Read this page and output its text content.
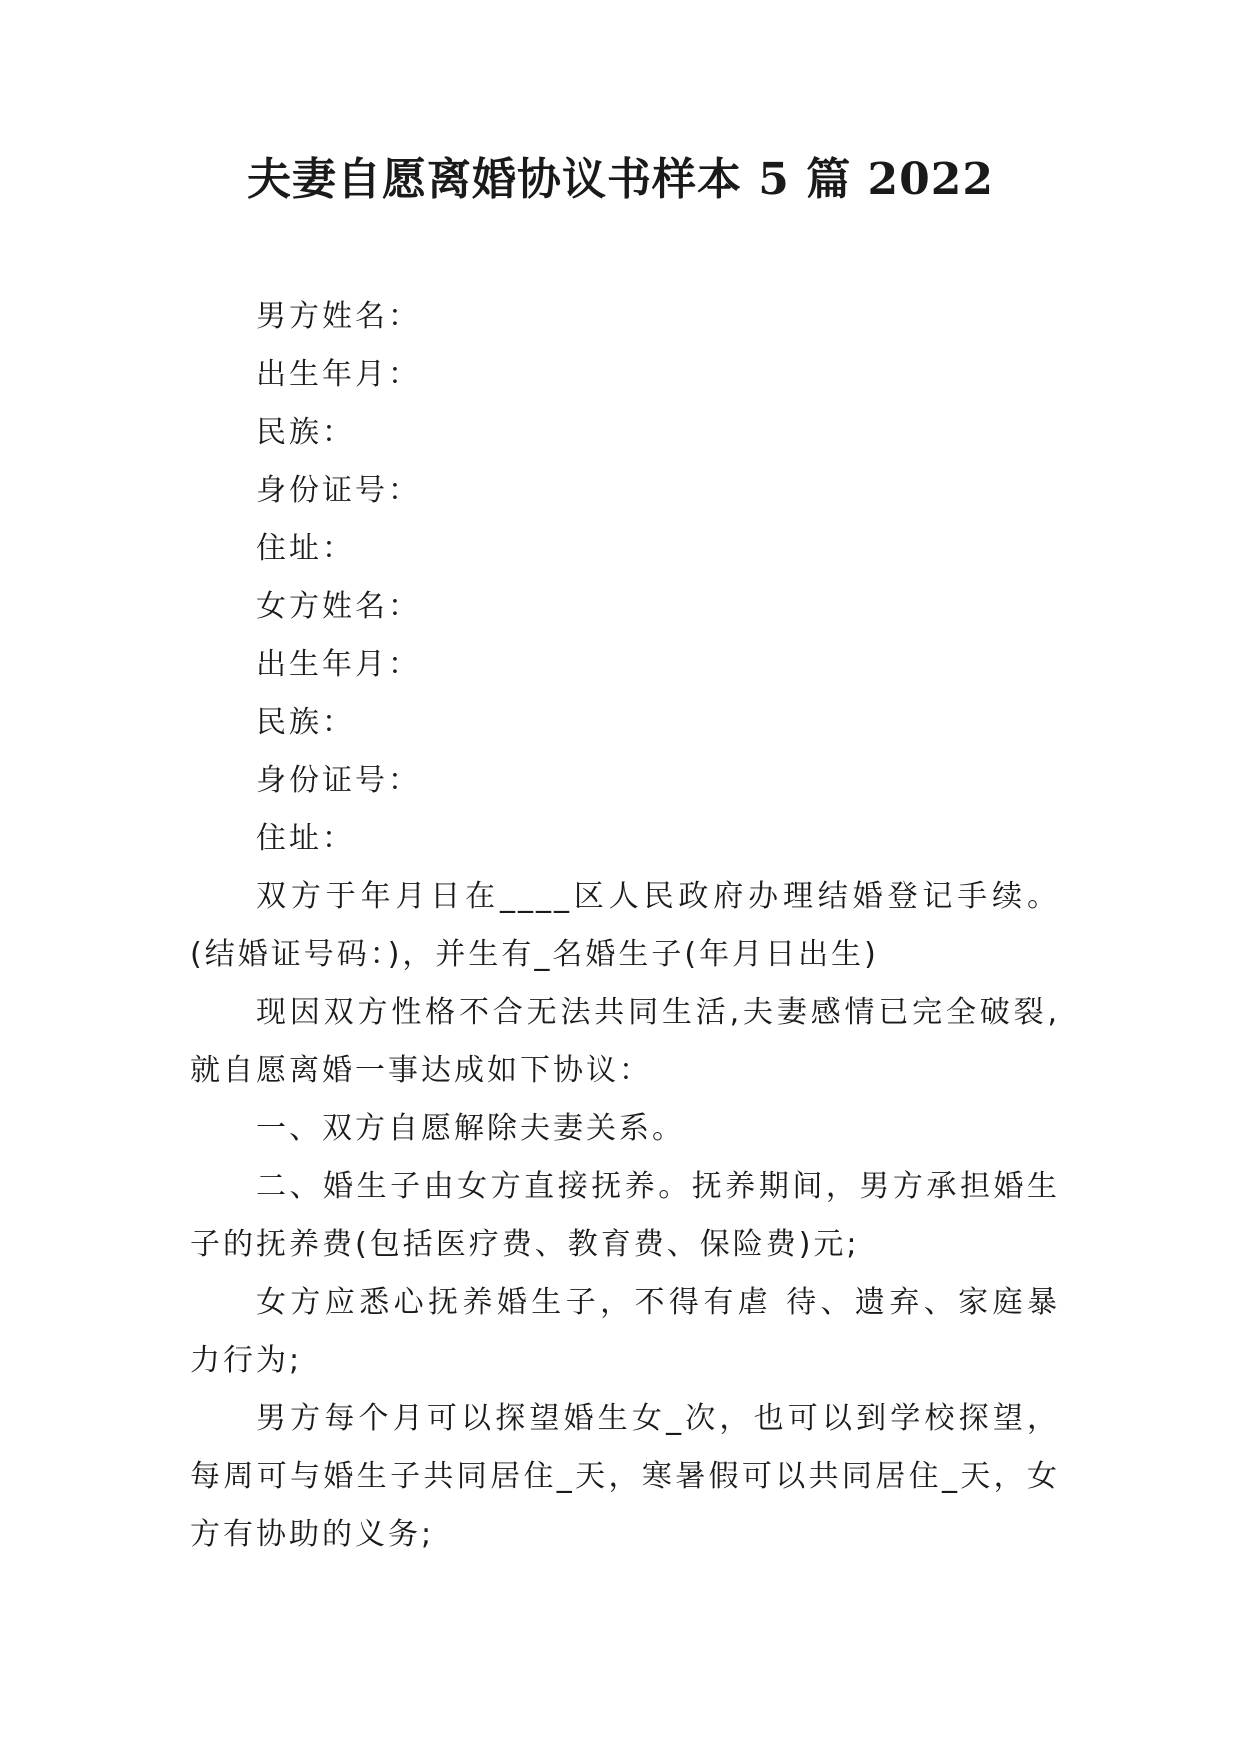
夫妻自愿离婚协议书样本 5 篇 2022

男方姓名：

出生年月：

民族：

身份证号：

住址：

女方姓名：

出生年月：

民族：

身份证号：

住址：

双方于年月日在____区人民政府办理结婚登记手续。(结婚证号码：)，并生有_名婚生子(年月日出生)

现因双方性格不合无法共同生活,夫妻感情已完全破裂,就自愿离婚一事达成如下协议：

一、双方自愿解除夫妻关系。

二、婚生子由女方直接抚养。抚养期间，男方承担婚生子的抚养费(包括医疗费、教育费、保险费)元;

女方应悉心抚养婚生子，不得有虐 待、遗弃、家庭暴力行为;

男方每个月可以探望婚生女_次，也可以到学校探望，每周可与婚生子共同居住_天，寒暑假可以共同居住_天，女方有协助的义务;
